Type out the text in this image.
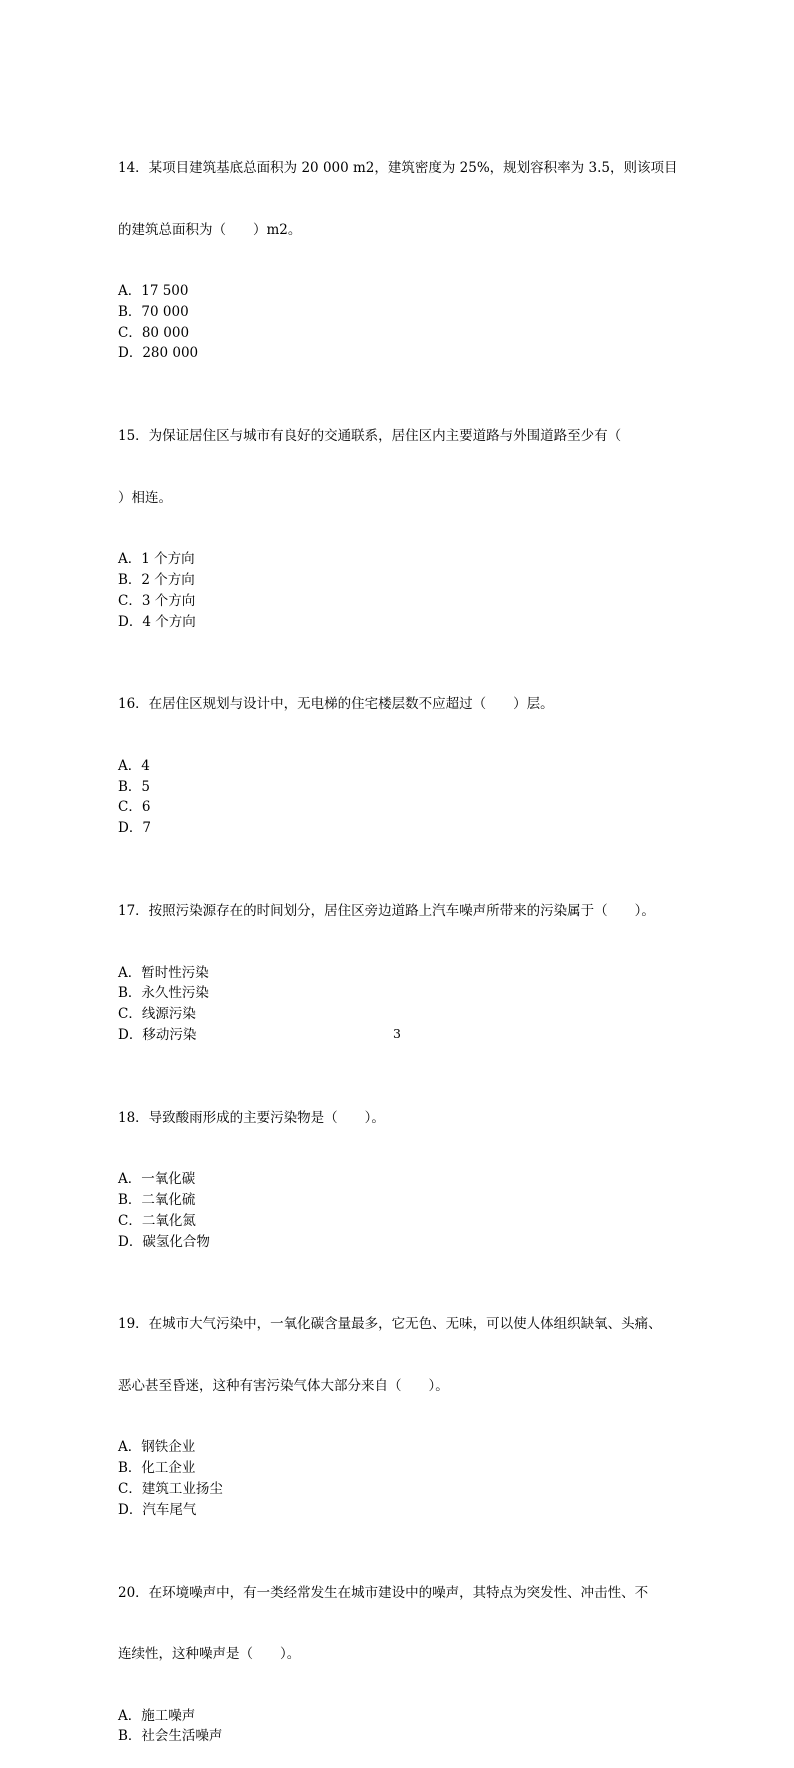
14．某项目建筑基底总面积为 20 000 m2，建筑密度为 25%，规划容积率为 3.5，则该项目

的建筑总面积为（　　）m2。

A．17 500
B．70 000
C．80 000
D．280 000

15．为保证居住区与城市有良好的交通联系，居住区内主要道路与外围道路至少有（

）相连。

A．1 个方向
B．2 个方向
C．3 个方向
D．4 个方向

16．在居住区规划与设计中，无电梯的住宅楼层数不应超过（　　）层。

A．4
B．5
C．6
D．7

17．按照污染源存在的时间划分，居住区旁边道路上汽车噪声所带来的污染属于（　　）。

A．暂时性污染
B．永久性污染
C．线源污染
D．移动污染

18．导致酸雨形成的主要污染物是（　　）。

A．一氧化碳
B．二氧化硫
C．二氧化氮
D．碳氢化合物

19．在城市大气污染中，一氧化碳含量最多，它无色、无味，可以使人体组织缺氧、头痛、

恶心甚至昏迷，这种有害污染气体大部分来自（　　）。

A．钢铁企业
B．化工企业
C．建筑工业扬尘
D．汽车尾气

20．在环境噪声中，有一类经常发生在城市建设中的噪声，其特点为突发性、冲击性、不

连续性，这种噪声是（　　）。

A．施工噪声
B．社会生活噪声
3
